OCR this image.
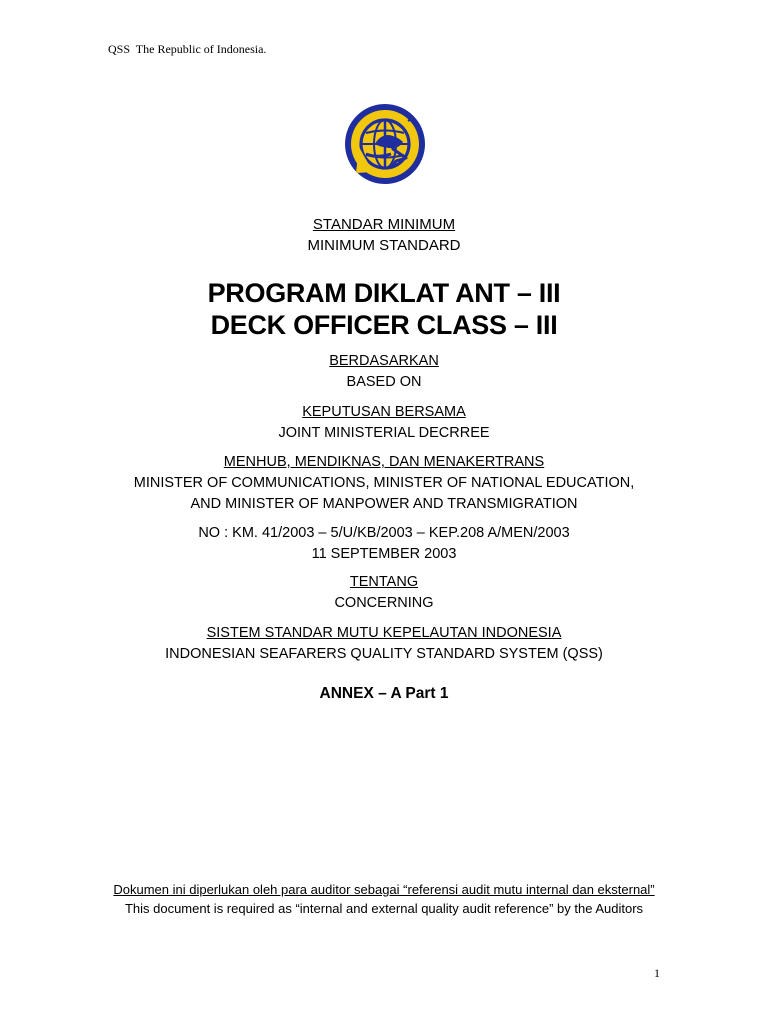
QSS  The Republic of Indonesia.
STANDAR MINIMUM
MINIMUM STANDARD
PROGRAM DIKLAT ANT – III
DECK OFFICER CLASS – III
BERDASARKAN
BASED ON
KEPUTUSAN BERSAMA
JOINT MINISTERIAL DECRREE
MENHUB, MENDIKNAS, DAN MENAKERTRANS
MINISTER OF COMMUNICATIONS, MINISTER OF NATIONAL EDUCATION,
AND MINISTER OF MANPOWER AND TRANSMIGRATION
NO : KM. 41/2003 – 5/U/KB/2003 – KEP.208 A/MEN/2003
11 SEPTEMBER 2003
TENTANG
CONCERNING
SISTEM STANDAR MUTU KEPELAUTAN INDONESIA
INDONESIAN SEAFARERS QUALITY STANDARD SYSTEM (QSS)
ANNEX – A Part 1
Dokumen ini diperlukan oleh para auditor sebagai “referensi audit mutu internal dan eksternal”
This document is required as “internal and external quality audit reference” by the Auditors
1
